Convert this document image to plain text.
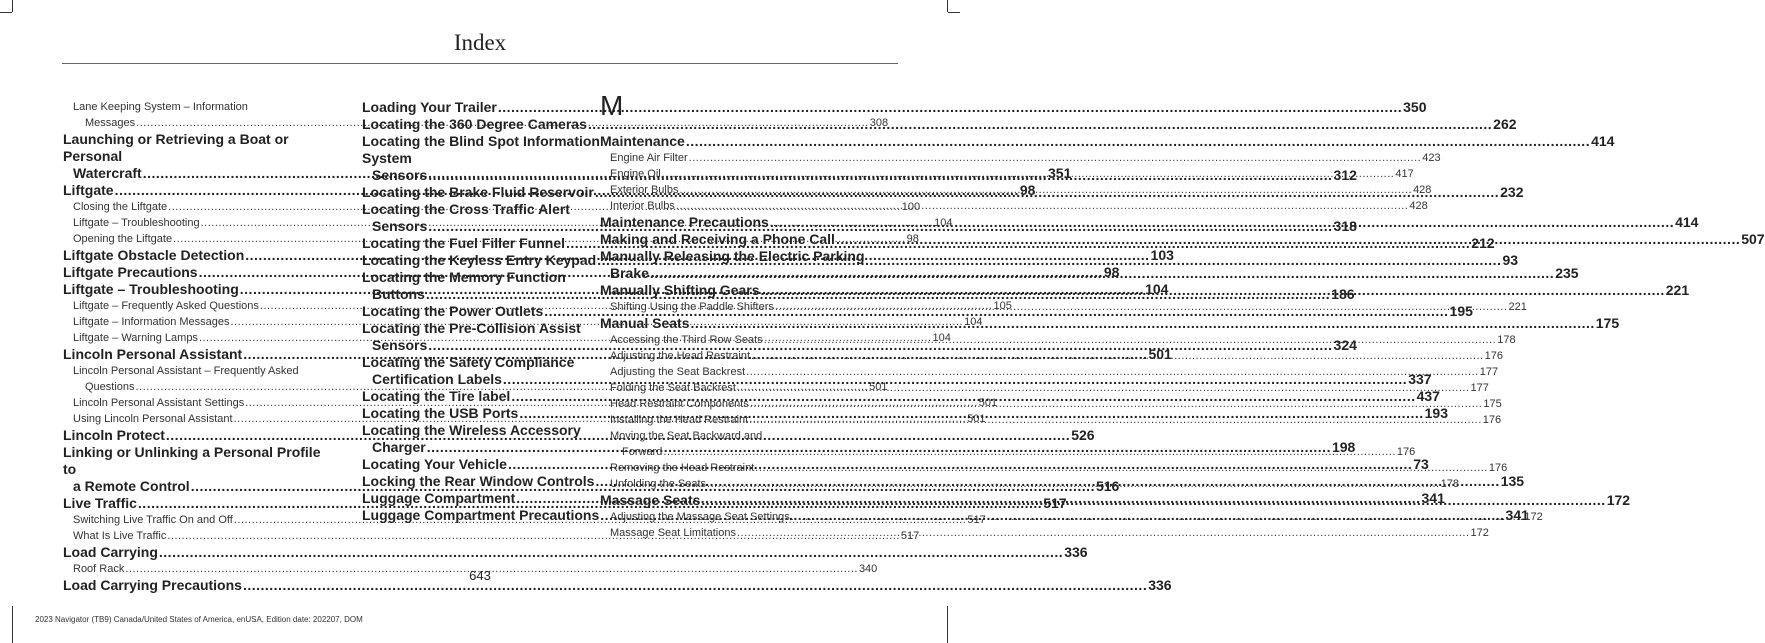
Index
Lane Keeping System – Information
Messages .....	308
Launching or Retrieving a Boat or Personal
Watercraft .....	351
Liftgate .....	98
Closing the Liftgate .....	100
Liftgate – Troubleshooting .....	104
Opening the Liftgate .....	98
Liftgate Obstacle Detection .....	103
Liftgate Precautions .....	98
Liftgate – Troubleshooting .....	104
Liftgate – Frequently Asked Questions .....	105
Liftgate – Information Messages .....	104
Liftgate – Warning Lamps .....	104
Lincoln Personal Assistant .....	501
Lincoln Personal Assistant – Frequently Asked
Questions .....	501
Lincoln Personal Assistant Settings .....	501
Using Lincoln Personal Assistant .....	501
Lincoln Protect .....	526
Linking or Unlinking a Personal Profile to
a Remote Control .....	516
Live Traffic .....	517
Switching Live Traffic On and Off .....	517
What Is Live Traffic .....	517
Load Carrying .....	336
Roof Rack .....	340
Load Carrying Precautions .....	336
Loading Your Trailer .....	350
Locating the 360 Degree Cameras .....	262
Locating the Blind Spot Information System
Sensors .....	312
Locating the Brake Fluid Reservoir .....	232
Locating the Cross Traffic Alert
Sensors .....	318
Locating the Fuel Filler Funnel .....	212
Locating the Keyless Entry Keypad .....	93
Locating the Memory Function
Buttons .....	186
Locating the Power Outlets .....	195
Locating the Pre-Collision Assist
Sensors .....	324
Locating the Safety Compliance
Certification Labels .....	337
Locating the Tire label .....	437
Locating the USB Ports .....	193
Locating the Wireless Accessory
Charger .....	198
Locating Your Vehicle .....	73
Locking the Rear Window Controls .....	135
Luggage Compartment .....	341
Luggage Compartment Precautions .....	341
M
Maintenance .....	414
Engine Air Filter .....	423
Engine Oil .....	417
Exterior Bulbs .....	428
Interior Bulbs .....	428
Maintenance Precautions .....	414
Making and Receiving a Phone Call .....	507
Manually Releasing the Electric Parking
Brake .....	235
Manually Shifting Gears .....	221
Shifting Using the Paddle Shifters .....	221
Manual Seats .....	175
Accessing the Third Row Seats .....	178
Adjusting the Head Restraint .....	176
Adjusting the Seat Backrest .....	177
Folding the Seat Backrest .....	177
Head Restraint Components .....	175
Installing the Head Restraint .....	176
Moving the Seat Backward and
Forward .....	176
Removing the Head Restraint .....	176
Unfolding the Seats .....	178
Massage Seats .....	172
Adjusting the Massage Seat Settings .....	172
Massage Seat Limitations .....	172
643
2023 Navigator (TB9) Canada/United States of America, enUSA, Edition date: 202207, DOM
